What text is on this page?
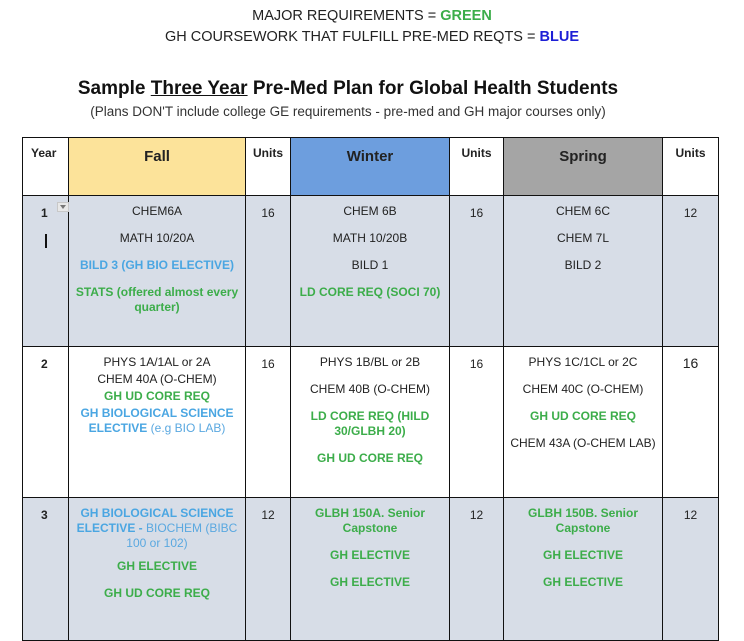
MAJOR REQUIREMENTS = GREEN
GH COURSEWORK THAT FULFILL PRE-MED REQTS = BLUE
Sample Three Year Pre-Med Plan for Global Health Students
(Plans DON'T include college GE requirements - pre-med and GH major courses only)
Year	Fall	Units	Winter	Units	Spring	Units
1	CHEM6A
MATH 10/20A
BILD 3 (GH BIO ELECTIVE)
STATS (offered almost every quarter)	16	CHEM 6B
MATH 10/20B
BILD 1
LD CORE REQ (SOCI 70)	16	CHEM 6C
CHEM 7L
BILD 2	12
2	PHYS 1A/1AL or 2A
CHEM 40A (O-CHEM)
GH UD CORE REQ
GH BIOLOGICAL SCIENCE ELECTIVE (e.g BIO LAB)	16	PHYS 1B/BL or 2B
CHEM 40B (O-CHEM)
LD CORE REQ (HILD 30/GLBH 20)
GH UD CORE REQ	16	PHYS 1C/1CL or 2C
CHEM 40C (O-CHEM)
GH UD CORE REQ
CHEM 43A (O-CHEM LAB)	16
3	GH BIOLOGICAL SCIENCE ELECTIVE - BIOCHEM (BIBC 100 or 102)
GH ELECTIVE
GH UD CORE REQ	12	GLBH 150A. Senior Capstone
GH ELECTIVE
GH ELECTIVE	12	GLBH 150B. Senior Capstone
GH ELECTIVE
GH ELECTIVE	12
